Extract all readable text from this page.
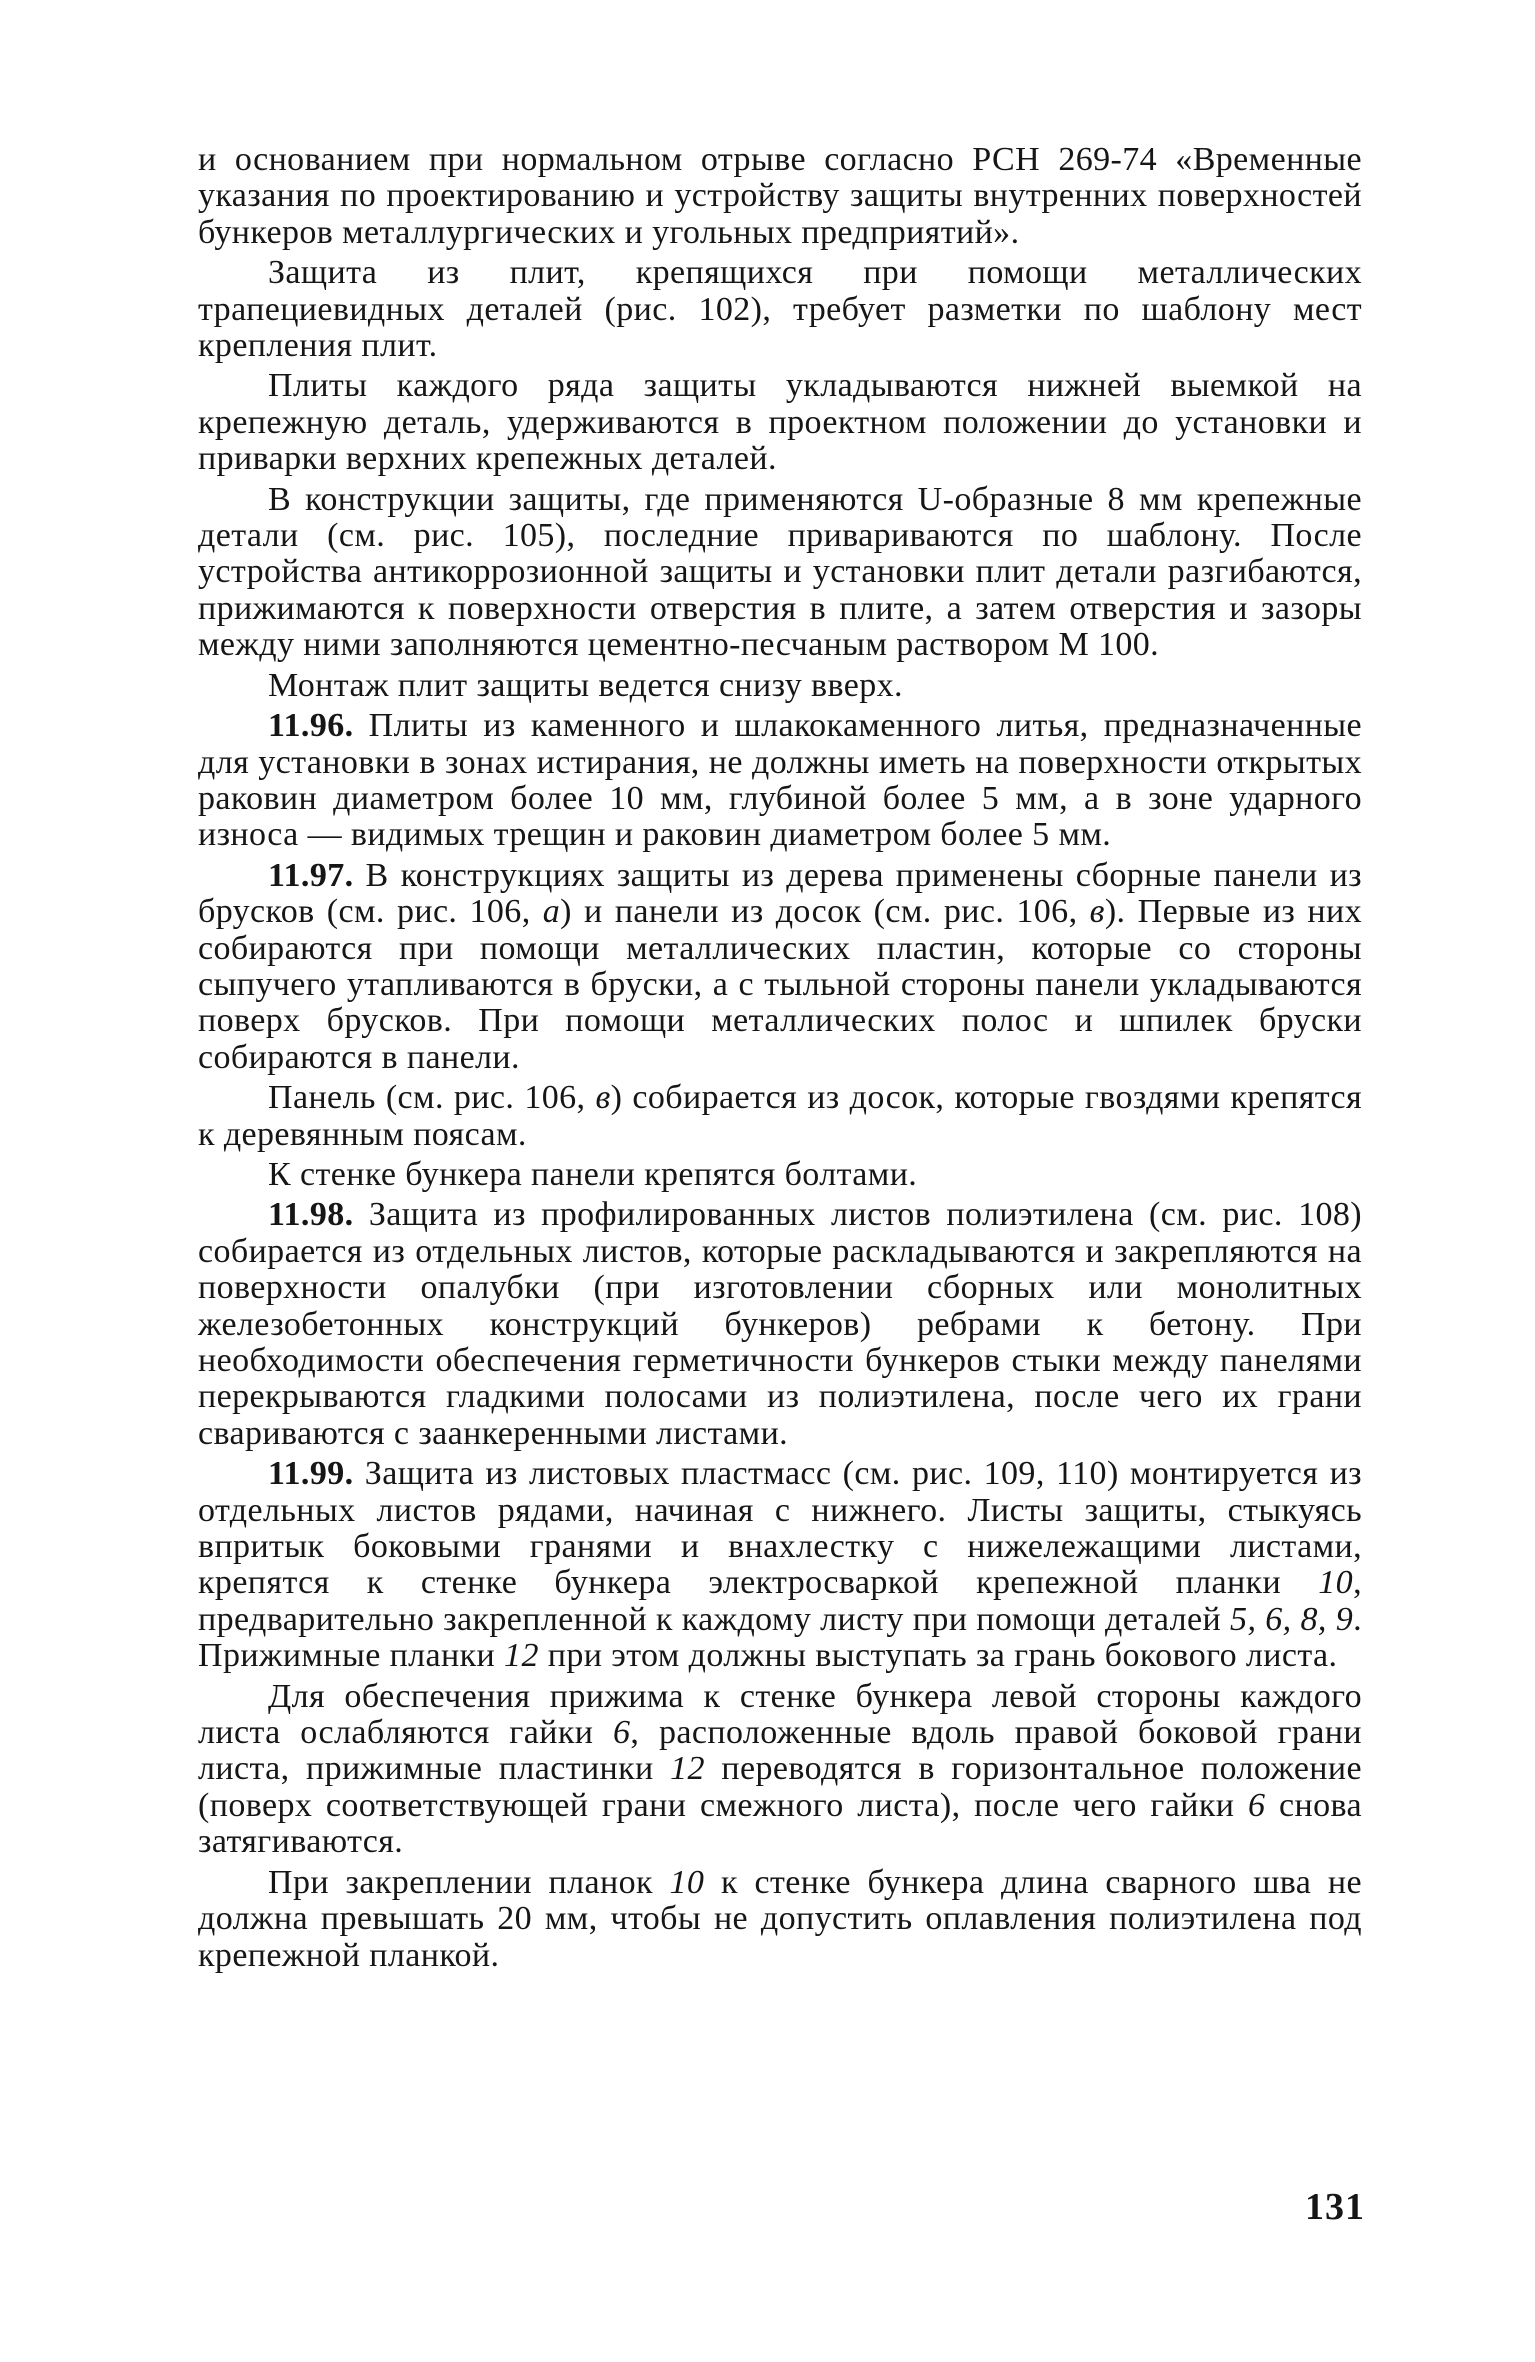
и основанием при нормальном отрыве согласно РСН 269-74 «Временные указания по проектированию и устройству защиты внутренних поверхностей бункеров металлургических и угольных предприятий».

Защита из плит, крепящихся при помощи металлических трапециевидных деталей (рис. 102), требует разметки по шаблону мест крепления плит.

Плиты каждого ряда защиты укладываются нижней выемкой на крепежную деталь, удерживаются в проектном положении до установки и приварки верхних крепежных деталей.

В конструкции защиты, где применяются U-образные 8 мм крепежные детали (см. рис. 105), последние привариваются по шаблону. После устройства антикоррозионной защиты и установки плит детали разгибаются, прижимаются к поверхности отверстия в плите, а затем отверстия и зазоры между ними заполняются цементно-песчаным раствором М 100.

Монтаж плит защиты ведется снизу вверх.

11.96. Плиты из каменного и шлакокаменного литья, предназначенные для установки в зонах истирания, не должны иметь на поверхности открытых раковин диаметром более 10 мм, глубиной более 5 мм, а в зоне ударного износа — видимых трещин и раковин диаметром более 5 мм.

11.97. В конструкциях защиты из дерева применены сборные панели из брусков (см. рис. 106, а) и панели из досок (см. рис. 106, в). Первые из них собираются при помощи металлических пластин, которые со стороны сыпучего утапливаются в бруски, а с тыльной стороны панели укладываются поверх брусков. При помощи металлических полос и шпилек бруски собираются в панели.

Панель (см. рис. 106, в) собирается из досок, которые гвоздями крепятся к деревянным поясам.

К стенке бункера панели крепятся болтами.

11.98. Защита из профилированных листов полиэтилена (см. рис. 108) собирается из отдельных листов, которые раскладываются и закрепляются на поверхности опалубки (при изготовлении сборных или монолитных железобетонных конструкций бункеров) ребрами к бетону. При необходимости обеспечения герметичности бункеров стыки между панелями перекрываются гладкими полосами из полиэтилена, после чего их грани свариваются с заанкеренными листами.

11.99. Защита из листовых пластмасс (см. рис. 109, 110) монтируется из отдельных листов рядами, начиная с нижнего. Листы защиты, стыкуясь впритык боковыми гранями и внахлестку с нижележащими листами, крепятся к стенке бункера электросваркой крепежной планки 10, предварительно закрепленной к каждому листу при помощи деталей 5, 6, 8, 9. Прижимные планки 12 при этом должны выступать за грань бокового листа.

Для обеспечения прижима к стенке бункера левой стороны каждого листа ослабляются гайки 6, расположенные вдоль правой боковой грани листа, прижимные пластинки 12 переводятся в горизонтальное положение (поверх соответствующей грани смежного листа), после чего гайки 6 снова затягиваются.

При закреплении планок 10 к стенке бункера длина сварного шва не должна превышать 20 мм, чтобы не допустить оплавления полиэтилена под крепежной планкой.

131
